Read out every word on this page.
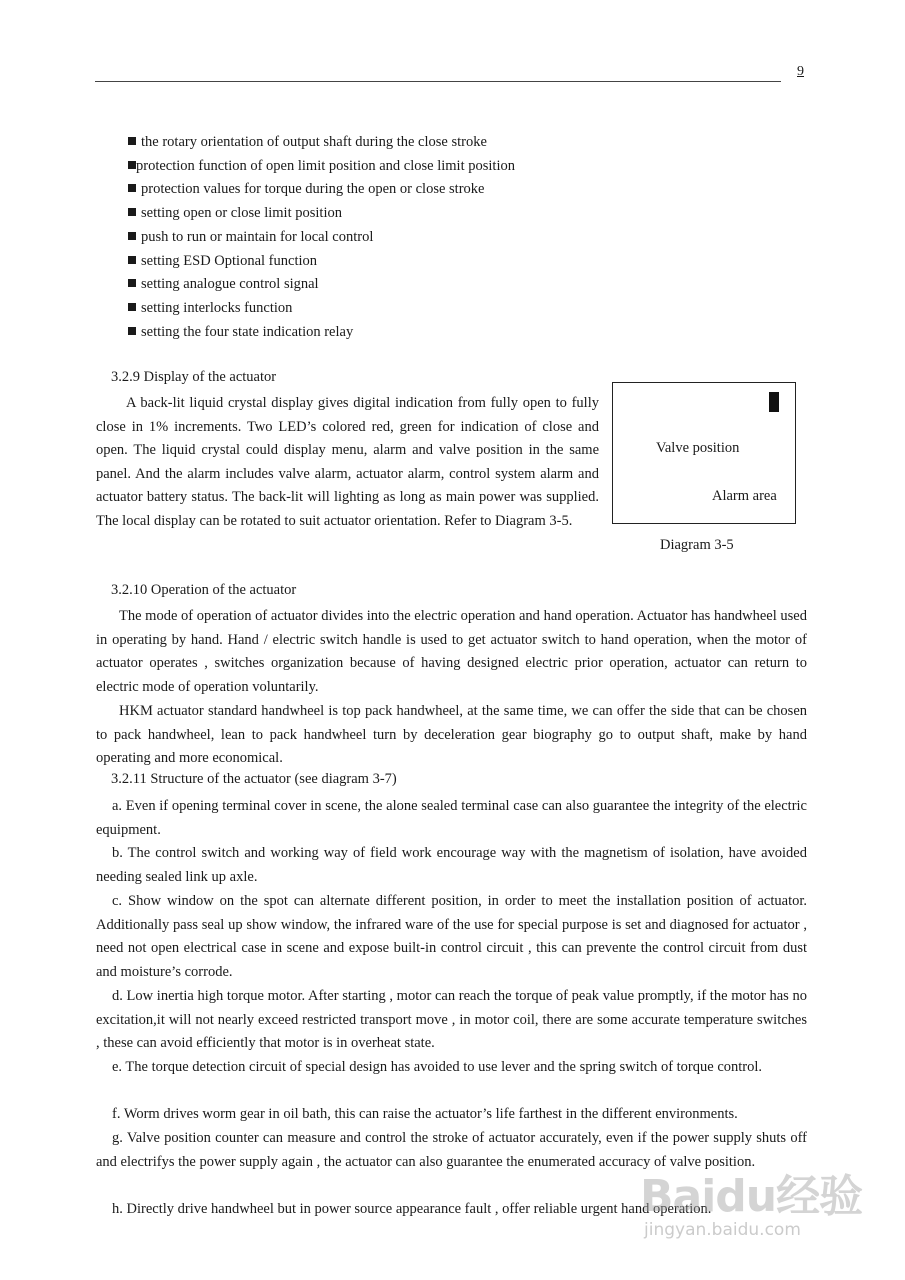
9
the rotary orientation of output shaft during the close stroke
protection function of open limit position and close limit position
protection values for torque during the open or close stroke
setting open or close limit position
push to run or maintain for local control
setting ESD Optional function
setting analogue control signal
setting interlocks function
setting the four state indication relay
3.2.9 Display of the actuator

A back-lit liquid crystal display gives digital indication from fully open to fully close in 1% increments. Two LED’s colored red, green for indication of close and open. The liquid crystal could display menu, alarm and valve position in the same panel. And the alarm includes valve alarm, actuator alarm, control system alarm and actuator battery status. The back-lit will lighting as long as main power was supplied. The local display can be rotated to suit actuator orientation. Refer to Diagram 3-5.

Valve position
Alarm area
Diagram 3-5
3.2.10 Operation of the actuator

The mode of operation of actuator divides into the electric operation and hand operation. Actuator has handwheel used in operating by hand. Hand / electric switch handle is used to get actuator switch to hand operation, when the motor of actuator operates , switches organization because of having designed electric prior operation, actuator can return to electric mode of operation voluntarily.

HKM actuator standard handwheel is top pack handwheel, at the same time, we can offer the side that can be chosen to pack handwheel, lean to pack handwheel turn by deceleration gear biography go to output shaft, make by hand operating and more economical.

3.2.11 Structure of the actuator (see diagram 3-7)

a. Even if opening terminal cover in scene, the alone sealed terminal case can also guarantee the integrity of the electric equipment.

b. The control switch and working way of field work encourage way with the magnetism of isolation, have avoided needing sealed link up axle.

c. Show window on the spot can alternate different position, in order to meet the installation position of actuator. Additionally pass seal up show window, the infrared ware of the use for special purpose is set and diagnosed for actuator , need not open electrical case in scene and expose built-in control circuit , this can prevente the control circuit from dust and moisture’s corrode.

d. Low inertia high torque motor. After starting , motor can reach the torque of peak value promptly, if the motor has no excitation,it will not nearly exceed restricted transport move , in motor coil, there are some accurate temperature switches , these can avoid efficiently that motor is in overheat state.

e. The torque detection circuit of special design has avoided to use lever and the spring switch of torque control.

f. Worm drives worm gear in oil bath, this can raise the actuator’s life farthest in the different environments.

g. Valve position counter can measure and control the stroke of actuator accurately, even if the power supply shuts off and electrifys the power supply again , the actuator can also guarantee the enumerated accuracy of valve position.

h. Directly drive handwheel but in power source appearance fault , offer reliable urgent hand operation.

Baidu经验
jingyan.baidu.com
